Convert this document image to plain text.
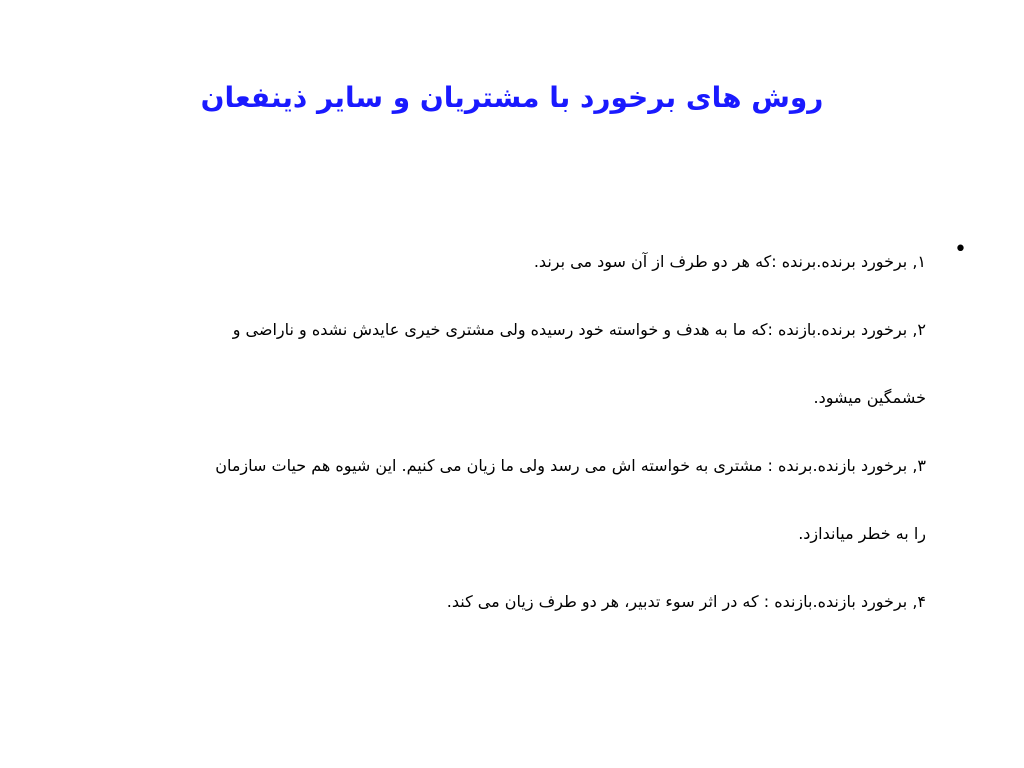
روش های برخورد با مشتریان و سایر ذینفعان
•
۱, برخورد برنده.برنده :که هر دو طرف از آن سود می برند.
۲, برخورد برنده.بازنده :که ما به هدف و خواسته خود رسیده ولی مشتری خیری عایدش نشده و ناراضی و
خشمگین میشود.
۳, برخورد بازنده.برنده : مشتری به خواسته اش می رسد ولی ما زیان می کنیم. این شیوه هم حیات سازمان
را به خطر میاندازد.
۴, برخورد بازنده.بازنده : که در اثر سوء تدبیر، هر دو طرف زیان می کند.
